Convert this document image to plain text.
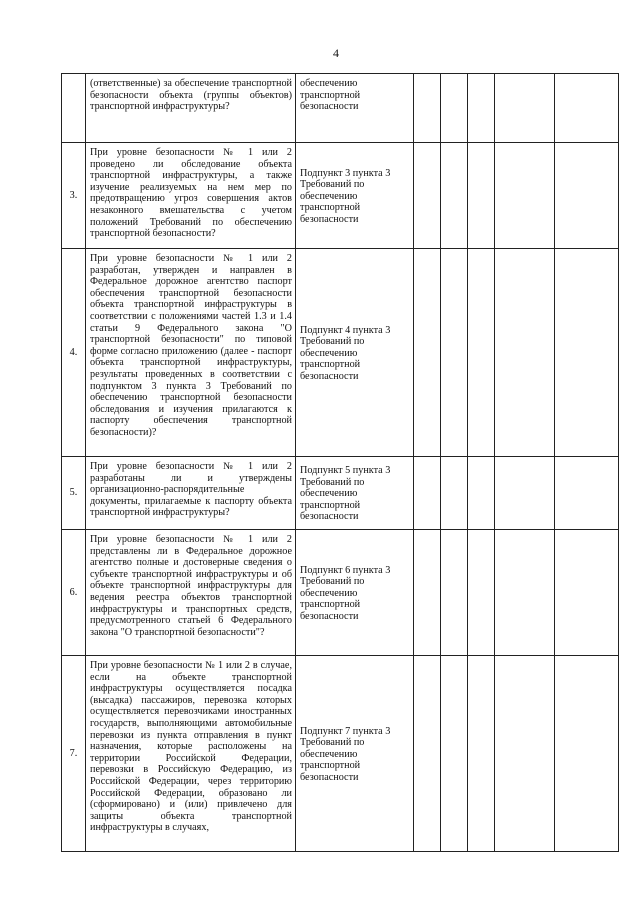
4
	(ответственные) за обеспечение транспортной безопасности объекта (группы объектов) транспортной инфраструктуры?	обеспечению транспортной безопасности					
3.	При уровне безопасности № 1 или 2 проведено ли обследование объекта транспортной инфраструктуры, а также изучение реализуемых на нем мер по предотвращению угроз совершения актов незаконного вмешательства с учетом положений Требований по обеспечению транспортной безопасности?	Подпункт 3 пункта 3 Требований по обеспечению транспортной безопасности					
4.	При уровне безопасности № 1 или 2 разработан, утвержден и направлен в Федеральное дорожное агентство паспорт обеспечения транспортной безопасности объекта транспортной инфраструктуры в соответствии с положениями частей 1.3 и 1.4 статьи 9 Федерального закона "О транспортной безопасности" по типовой форме согласно приложению (далее - паспорт объекта транспортной инфраструктуры, результаты проведенных в соответствии с подпунктом 3 пункта 3 Требований по обеспечению транспортной безопасности обследования и изучения прилагаются к паспорту обеспечения транспортной безопасности)?	Подпункт 4 пункта 3 Требований по обеспечению транспортной безопасности					
5.	При уровне безопасности № 1 или 2 разработаны ли и утверждены организационно-распорядительные документы, прилагаемые к паспорту объекта транспортной инфраструктуры?	Подпункт 5 пункта 3 Требований по обеспечению транспортной безопасности					
6.	При уровне безопасности № 1 или 2 представлены ли в Федеральное дорожное агентство полные и достоверные сведения о субъекте транспортной инфраструктуры и об объекте транспортной инфраструктуры для ведения реестра объектов транспортной инфраструктуры и транспортных средств, предусмотренного статьей 6 Федерального закона "О транспортной безопасности"?	Подпункт 6 пункта 3 Требований по обеспечению транспортной безопасности					
7.	При уровне безопасности № 1 или 2 в случае, если на объекте транспортной инфраструктуры осуществляется посадка (высадка) пассажиров, перевозка которых осуществляется перевозчиками иностранных государств, выполняющими автомобильные перевозки из пункта отправления в пункт назначения, которые расположены на территории Российской Федерации, перевозки в Российскую Федерацию, из Российской Федерации, через территорию Российской Федерации, образовано ли (сформировано) и (или) привлечено для защиты объекта транспортной инфраструктуры в случаях,	Подпункт 7 пункта 3 Требований по обеспечению транспортной безопасности					
